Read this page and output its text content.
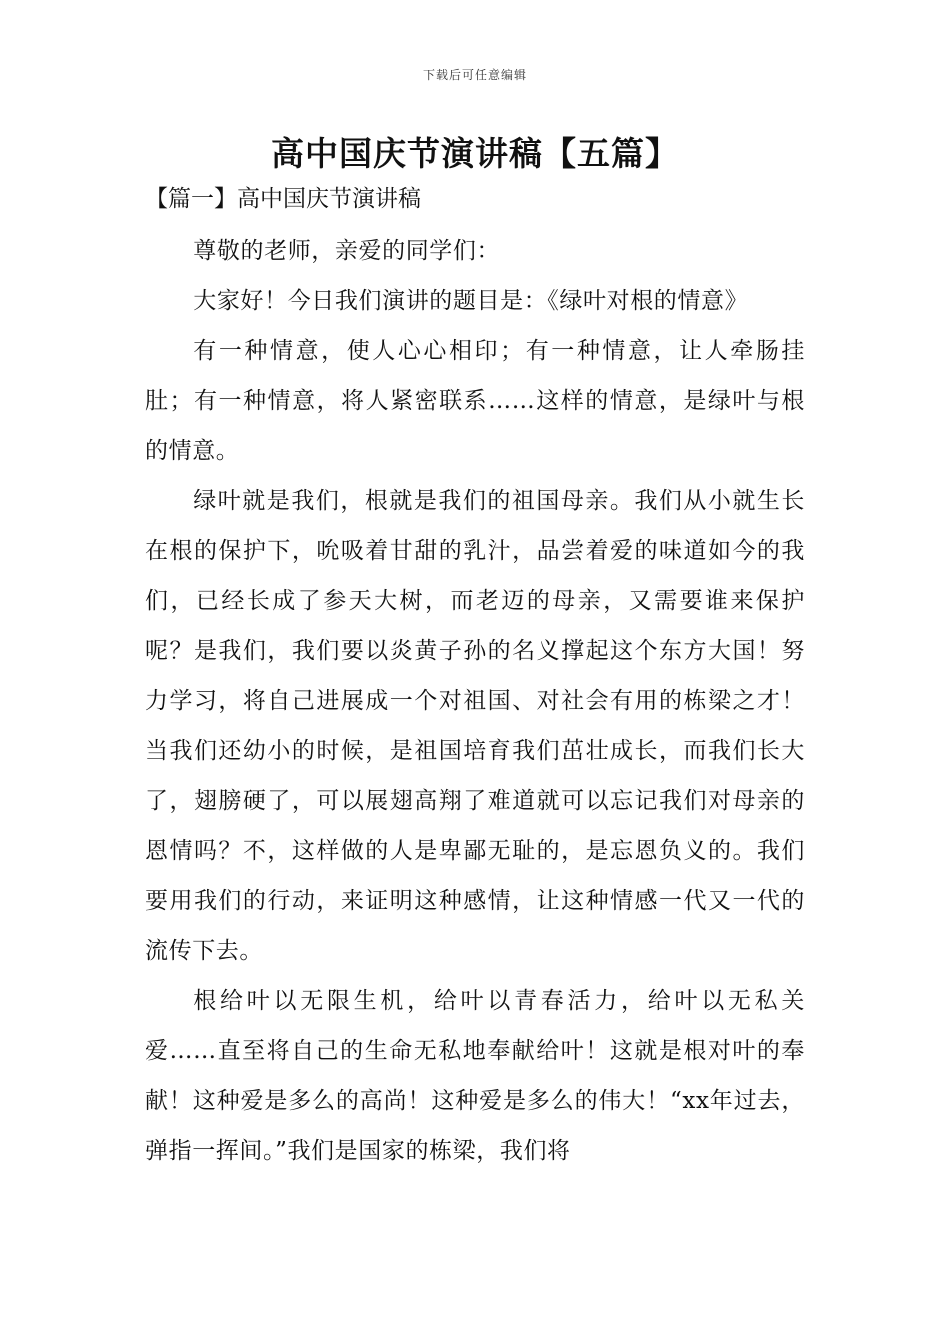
下载后可任意编辑
高中国庆节演讲稿【五篇】
【篇一】高中国庆节演讲稿

尊敬的老师，亲爱的同学们：

大家好！今日我们演讲的题目是：《绿叶对根的情意》

有一种情意，使人心心相印；有一种情意，让人牵肠挂肚；有一种情意，将人紧密联系……这样的情意，是绿叶与根的情意。

绿叶就是我们，根就是我们的祖国母亲。我们从小就生长在根的保护下，吮吸着甘甜的乳汁，品尝着爱的味道如今的我们，已经长成了参天大树，而老迈的母亲，又需要谁来保护呢？是我们，我们要以炎黄子孙的名义撑起这个东方大国！努力学习，将自己进展成一个对祖国、对社会有用的栋梁之才！当我们还幼小的时候，是祖国培育我们茁壮成长，而我们长大了，翅膀硬了，可以展翅高翔了难道就可以忘记我们对母亲的恩情吗？不，这样做的人是卑鄙无耻的，是忘恩负义的。我们要用我们的行动，来证明这种感情，让这种情感一代又一代的流传下去。

根给叶以无限生机，给叶以青春活力，给叶以无私关爱……直至将自己的生命无私地奉献给叶！这就是根对叶的奉献！这种爱是多么的高尚！这种爱是多么的伟大！“xx年过去，弹指一挥间。”我们是国家的栋梁，我们将
